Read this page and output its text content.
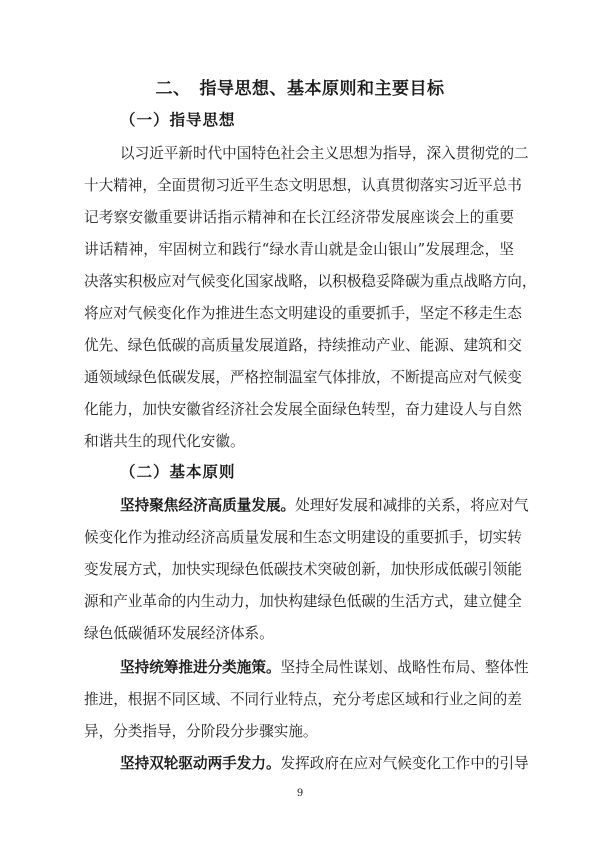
二、　指导思想、基本原则和主要目标
（一）指导思想
以习近平新时代中国特色社会主义思想为指导，深入贯彻党的二
十大精神，全面贯彻习近平生态文明思想，认真贯彻落实习近平总书
记考察安徽重要讲话指示精神和在长江经济带发展座谈会上的重要
讲话精神，牢固树立和践行“绿水青山就是金山银山”发展理念，坚
决落实积极应对气候变化国家战略，以积极稳妥降碳为重点战略方向，
将应对气候变化作为推进生态文明建设的重要抓手，坚定不移走生态
优先、绿色低碳的高质量发展道路，持续推动产业、能源、建筑和交
通领域绿色低碳发展，严格控制温室气体排放，不断提高应对气候变
化能力，加快安徽省经济社会发展全面绿色转型，奋力建设人与自然
和谐共生的现代化安徽。
（二）基本原则
坚持聚焦经济高质量发展。处理好发展和减排的关系，将应对气
候变化作为推动经济高质量发展和生态文明建设的重要抓手，切实转
变发展方式，加快实现绿色低碳技术突破创新，加快形成低碳引领能
源和产业革命的内生动力，加快构建绿色低碳的生活方式，建立健全
绿色低碳循环发展经济体系。
坚持统筹推进分类施策。坚持全局性谋划、战略性布局、整体性
推进，根据不同区域、不同行业特点，充分考虑区域和行业之间的差
异，分类指导，分阶段分步骤实施。
坚持双轮驱动两手发力。发挥政府在应对气候变化工作中的引导
9
